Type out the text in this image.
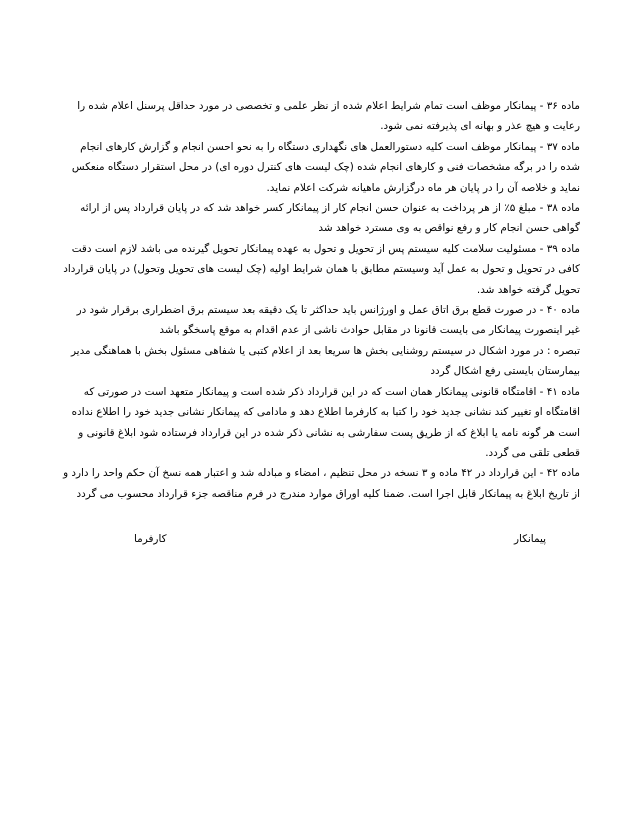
ماده ۳۶ - پیمانکار موظف است تمام شرایط اعلام شده از نظر علمی و تخصصی در مورد حداقل پرسنل اعلام شده را رعایت و هیچ عذر و بهانه ای پذیرفته نمی شود.

ماده ۳۷ - پیمانکار موظف است کلیه دستورالعمل های نگهداری دستگاه را به نحو احسن انجام و گزارش کارهای انجام شده را در برگه مشخصات فنی و کارهای انجام شده (چک لیست های کنترل دوره ای) در محل استقرار دستگاه منعکس نماید و خلاصه آن را در پایان هر ماه درگزارش ماهیانه شرکت اعلام نماید.

ماده ۳۸ - مبلغ ۵٪ از هر پرداخت به عنوان حسن انجام کار از پیمانکار کسر خواهد شد که در پایان قرارداد پس از ارائه گواهی حسن انجام کار و رفع نواقص به وی مسترد خواهد شد

ماده ۳۹ - مسئولیت سلامت کلیه سیستم پس از تحویل و تحول به عهده پیمانکار تحویل گیرنده می باشد لازم است دقت کافی در تحویل و تحول به عمل آید وسیستم مطابق با همان شرایط اولیه (چک لیست های تحویل وتحول) در پایان قرارداد تحویل گرفته خواهد شد.

ماده ۴۰ - در صورت قطع برق اتاق عمل و اورژانس باید حداکثر تا یک دقیقه بعد سیستم برق اضطراری برقرار شود در غیر اینصورت پیمانکار می بایست قانونا در مقابل حوادث ناشی از عدم اقدام به موقع پاسخگو باشد

تبصره : در مورد اشکال در سیستم روشنایی بخش ها سریعا بعد از اعلام کتبی یا شفاهی مسئول بخش با هماهنگی مدیر بیمارستان بایستی رفع اشکال گردد

ماده ۴۱ - اقامتگاه قانونی پیمانکار همان است که در این قرارداد ذکر شده است و پیمانکار متعهد است در صورتی که اقامتگاه او تغییر کند نشانی جدید خود را کتبا به کارفرما اطلاع دهد و مادامی که پیمانکار نشانی جدید خود را اطلاع نداده است هر گونه نامه یا ابلاغ که از طریق پست سفارشی به نشانی ذکر شده در این قرارداد فرستاده شود ابلاغ قانونی و قطعی تلقی می گردد.

ماده ۴۲ - این قرارداد در ۴۲ ماده و ۳ نسخه در محل تنظیم ، امضاء و مبادله شد و اعتبار همه نسخ آن حکم واحد را دارد و از تاریخ ابلاغ به پیمانکار قابل اجرا است. ضمنا کلیه اوراق موارد مندرج در فرم مناقصه جزء قرارداد محسوب می گردد

پیمانکار
کارفرما
